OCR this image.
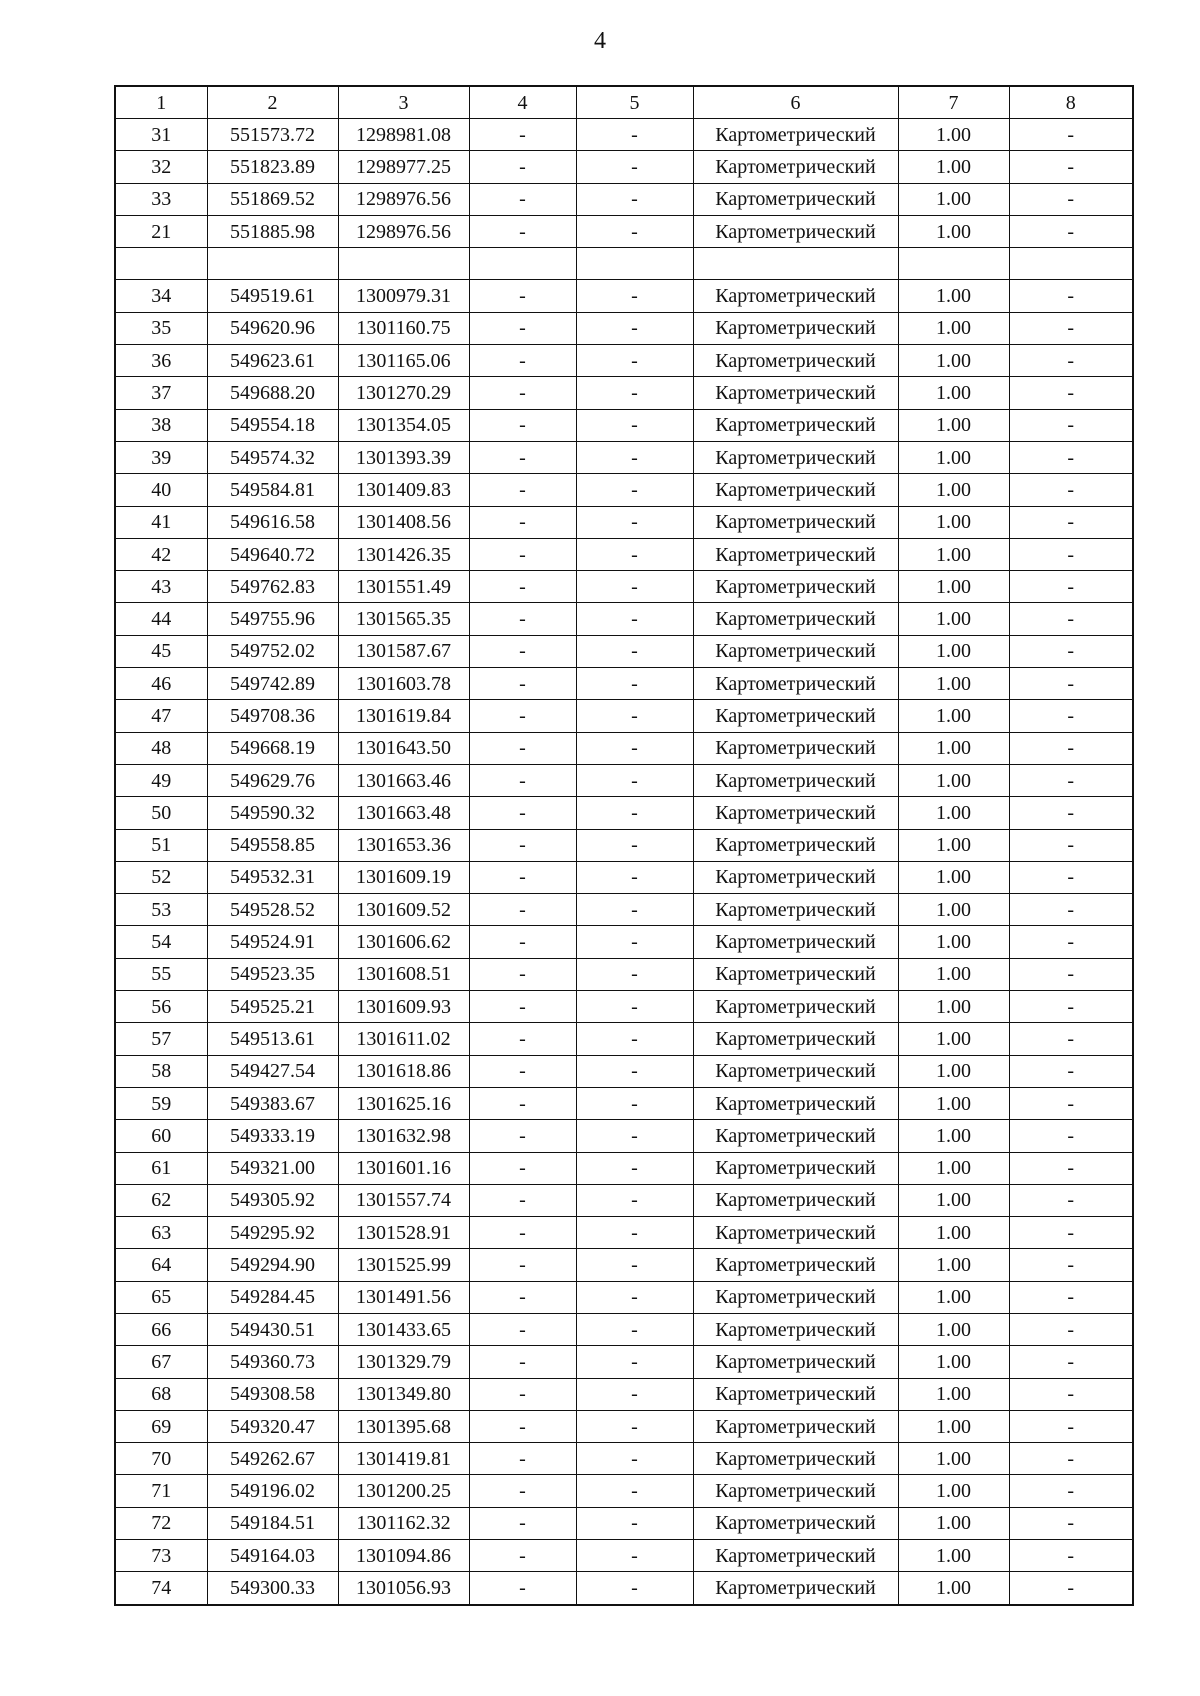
4
1	2	3	4	5	6	7	8
31	551573.72	1298981.08	-	-	Картометрический	1.00	-
32	551823.89	1298977.25	-	-	Картометрический	1.00	-
33	551869.52	1298976.56	-	-	Картометрический	1.00	-
21	551885.98	1298976.56	-	-	Картометрический	1.00	-

34	549519.61	1300979.31	-	-	Картометрический	1.00	-
35	549620.96	1301160.75	-	-	Картометрический	1.00	-
36	549623.61	1301165.06	-	-	Картометрический	1.00	-
37	549688.20	1301270.29	-	-	Картометрический	1.00	-
38	549554.18	1301354.05	-	-	Картометрический	1.00	-
39	549574.32	1301393.39	-	-	Картометрический	1.00	-
40	549584.81	1301409.83	-	-	Картометрический	1.00	-
41	549616.58	1301408.56	-	-	Картометрический	1.00	-
42	549640.72	1301426.35	-	-	Картометрический	1.00	-
43	549762.83	1301551.49	-	-	Картометрический	1.00	-
44	549755.96	1301565.35	-	-	Картометрический	1.00	-
45	549752.02	1301587.67	-	-	Картометрический	1.00	-
46	549742.89	1301603.78	-	-	Картометрический	1.00	-
47	549708.36	1301619.84	-	-	Картометрический	1.00	-
48	549668.19	1301643.50	-	-	Картометрический	1.00	-
49	549629.76	1301663.46	-	-	Картометрический	1.00	-
50	549590.32	1301663.48	-	-	Картометрический	1.00	-
51	549558.85	1301653.36	-	-	Картометрический	1.00	-
52	549532.31	1301609.19	-	-	Картометрический	1.00	-
53	549528.52	1301609.52	-	-	Картометрический	1.00	-
54	549524.91	1301606.62	-	-	Картометрический	1.00	-
55	549523.35	1301608.51	-	-	Картометрический	1.00	-
56	549525.21	1301609.93	-	-	Картометрический	1.00	-
57	549513.61	1301611.02	-	-	Картометрический	1.00	-
58	549427.54	1301618.86	-	-	Картометрический	1.00	-
59	549383.67	1301625.16	-	-	Картометрический	1.00	-
60	549333.19	1301632.98	-	-	Картометрический	1.00	-
61	549321.00	1301601.16	-	-	Картометрический	1.00	-
62	549305.92	1301557.74	-	-	Картометрический	1.00	-
63	549295.92	1301528.91	-	-	Картометрический	1.00	-
64	549294.90	1301525.99	-	-	Картометрический	1.00	-
65	549284.45	1301491.56	-	-	Картометрический	1.00	-
66	549430.51	1301433.65	-	-	Картометрический	1.00	-
67	549360.73	1301329.79	-	-	Картометрический	1.00	-
68	549308.58	1301349.80	-	-	Картометрический	1.00	-
69	549320.47	1301395.68	-	-	Картометрический	1.00	-
70	549262.67	1301419.81	-	-	Картометрический	1.00	-
71	549196.02	1301200.25	-	-	Картометрический	1.00	-
72	549184.51	1301162.32	-	-	Картометрический	1.00	-
73	549164.03	1301094.86	-	-	Картометрический	1.00	-
74	549300.33	1301056.93	-	-	Картометрический	1.00	-
